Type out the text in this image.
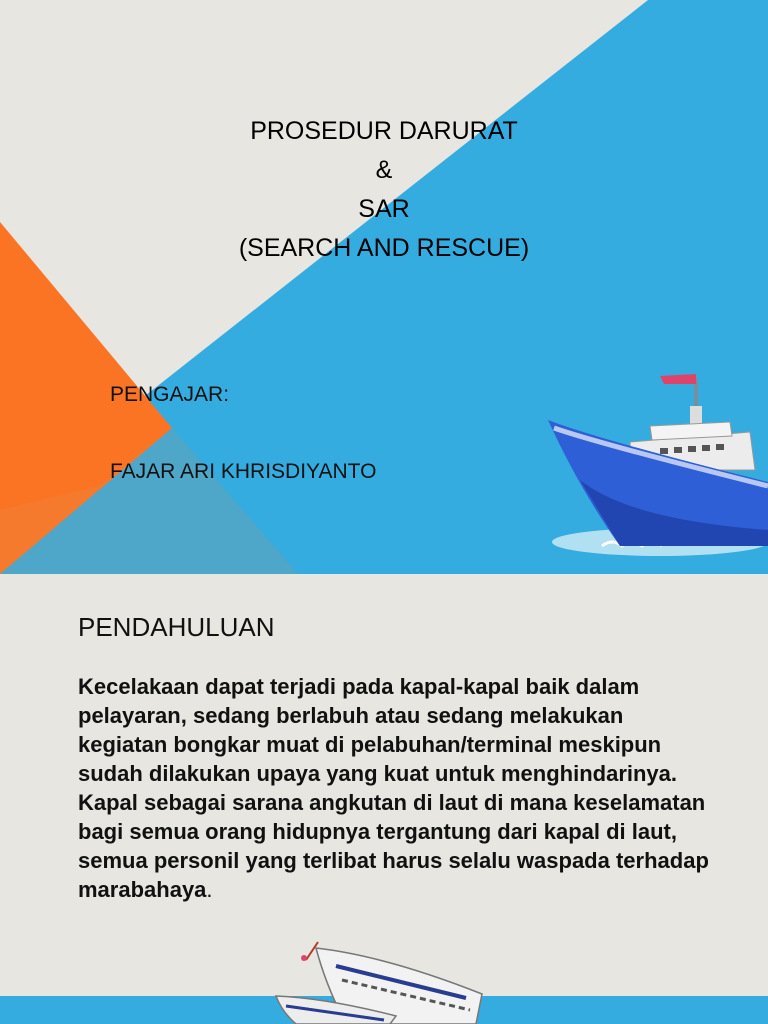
PROSEDUR DARURAT
&
SAR
(SEARCH AND RESCUE)
PENGAJAR:
FAJAR ARI KHRISDIYANTO
PENDAHULUAN
Kecelakaan dapat terjadi pada kapal-kapal baik dalam pelayaran, sedang berlabuh atau sedang melakukan kegiatan bongkar muat di pelabuhan/terminal meskipun sudah dilakukan upaya yang kuat untuk menghindarinya. Kapal sebagai sarana angkutan di laut di mana keselamatan bagi semua orang hidupnya tergantung dari kapal di laut, semua personil yang terlibat harus selalu waspada terhadap marabahaya.
